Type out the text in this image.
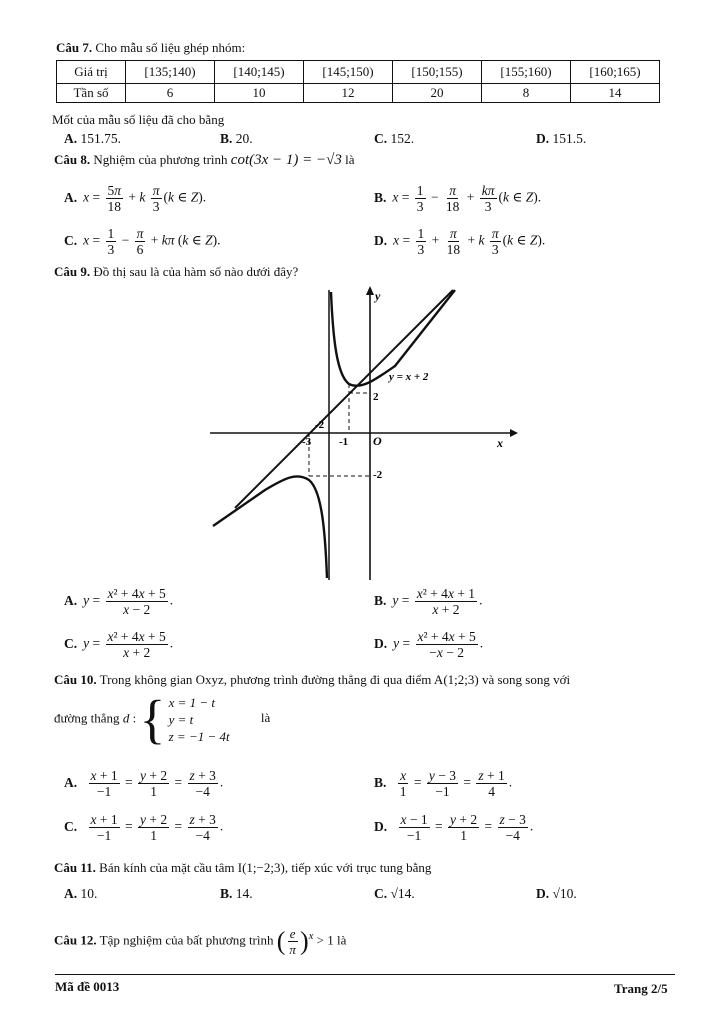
Câu 7. Cho mẫu số liệu ghép nhóm:
Giá trị	[135;140)	[140;145)	[145;150)	[150;155)	[155;160)	[160;165)
Tần số	6	10	12	20	8	14
Mốt của mẫu số liệu đã cho bằng
A. 151.75.	B. 20.	C. 152.	D. 151.5.
Câu 8. Nghiệm của phương trình cot(3x − 1) = −√3 là
A. $x = \frac{5\pi}{18} + k \frac{\pi}{3} (k$ ∈ Z).	B. $x = \frac{1}{3} - \frac{\pi}{18} + \frac{k\pi}{3} (k$ ∈ Z).
C. $x = \frac{1}{3} - \frac{\pi}{6} + k\pi$ (k ∈ Z).	D. $x = \frac{1}{3} + \frac{\pi}{18} + k \frac{\pi}{3} (k$ ∈ Z).
Câu 9. Đồ thị sau là của hàm số nào dưới đây?
y
x
O
y = x + 2
-3	-1
-2
2
-2
A. $y = \frac{\text{x² + 4x + 5}}{x - 2}$ .	B. $y = \frac{\text{x² + 4x + 1}}{x + 2}$ .
C. $y = \frac{\text{x² + 4x + 5}}{x + 2}$ .	D. $y = \frac{\text{x² + 4x + 5}}{-x - 2}$ .
Câu 10. Trong không gian Oxyz, phương trình đường thẳng đi qua điểm A(1;2;3) và song song với
đường thẳng d : { x = 1 − t
y = t
z = −1 − 4t là
A. $\frac{x + 1}{-1} = \frac{y + 2}{1} = \frac{z + 3}{-4}$ .	B. $\frac{x}{1} = \frac{y - 3}{-1} = \frac{z + 1}{4}$ .
C. $\frac{x + 1}{-1} = \frac{y + 2}{1} = \frac{z + 3}{-4}$ .	D. $\frac{x - 1}{-1} = \frac{y + 2}{1} = \frac{z - 3}{-4}$ .
Câu 11. Bán kính của mặt cầu tâm I(1;−2;3), tiếp xúc với trục tung bằng
A. 10.	B. 14.	C. √14.	D. √10.
Câu 12. Tập nghiệm của bất phương trình ( $\frac{e}{\pi} )^x > 1$ là
Mã đề 0013	Trang 2/5
